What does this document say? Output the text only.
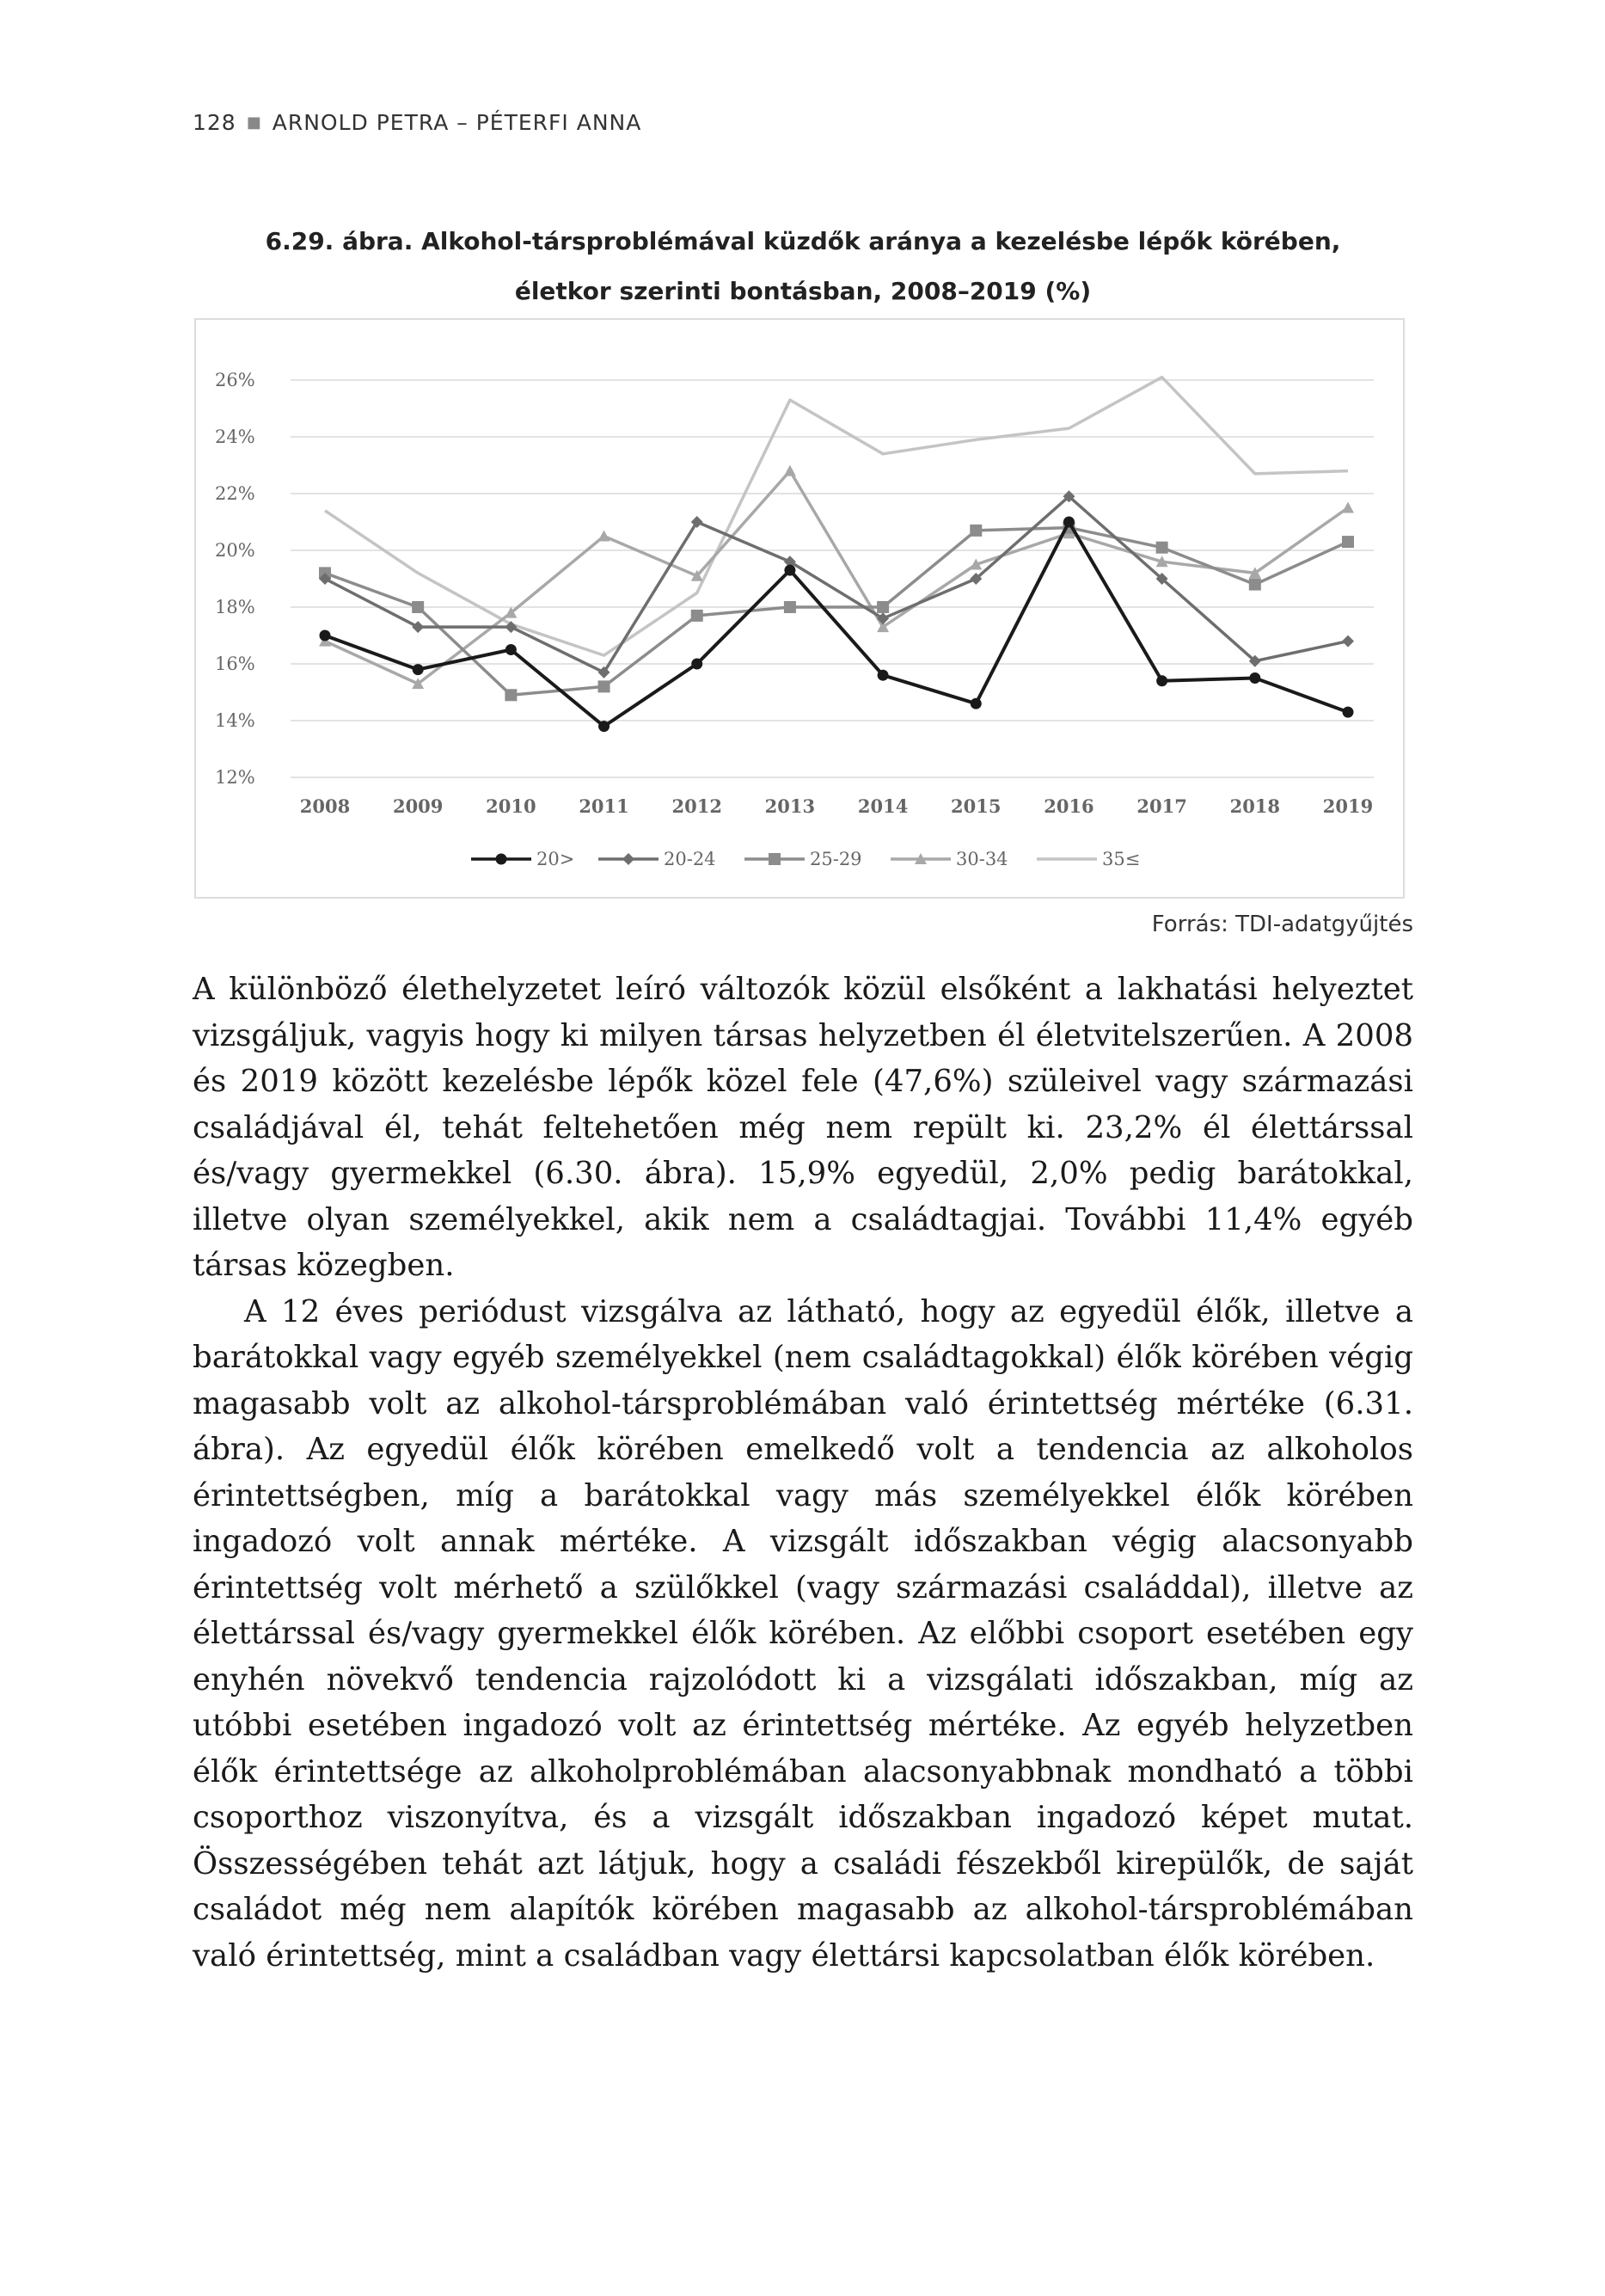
128 ■ ARNOLD PETRA – PÉTERFI ANNA
6.29. ábra. Alkohol-társproblémával küzdők aránya a kezelésbe lépők körében,
életkor szerinti bontásban, 2008–2019 (%)
12%
14%
16%
18%
20%
22%
24%
26%
2008 2009 2010 2011 2012 2013 2014 2015 2016 2017 2018 2019
20>	20-24	25-29	30-34	35≤
Forrás: TDI-adatgyűjtés

A különböző élethelyzetet leíró változók közül elsőként a lakhatási helyeztet vizsgáljuk, vagyis hogy ki milyen társas helyzetben él életvitelszerűen. A 2008 és 2019 között kezelésbe lépők közel fele (47,6%) szüleivel vagy származási családjával él, tehát feltehetően még nem repült ki. 23,2% él élettárssal és/vagy gyermekkel (6.30. ábra). 15,9% egyedül, 2,0% pedig barátokkal, illetve olyan személyekkel, akik nem a családtagjai. További 11,4% egyéb társas közegben.

A 12 éves periódust vizsgálva az látható, hogy az egyedül élők, illetve a barátokkal vagy egyéb személyekkel (nem családtagokkal) élők körében végig magasabb volt az alkohol-társproblémában való érintettség mértéke (6.31. ábra). Az egyedül élők körében emelkedő volt a tendencia az alkoholos érintettségben, míg a barátokkal vagy más személyekkel élők körében ingadozó volt annak mértéke. A vizsgált időszakban végig alacsonyabb érintettség volt mérhető a szülőkkel (vagy származási családdal), illetve az élettárssal és/vagy gyermekkel élők körében. Az előbbi csoport esetében egy enyhén növekvő tendencia rajzolódott ki a vizsgálati időszakban, míg az utóbbi esetében ingadozó volt az érintettség mértéke. Az egyéb helyzetben élők érintettsége az alkoholproblémában alacsonyabbnak mondható a többi csoporthoz viszonyítva, és a vizsgált időszakban ingadozó képet mutat. Összességében tehát azt látjuk, hogy a családi fészekből kirepülők, de saját családot még nem alapítók körében magasabb az alkohol-társproblémában való érintettség, mint a családban vagy élettársi kapcsolatban élők körében.
